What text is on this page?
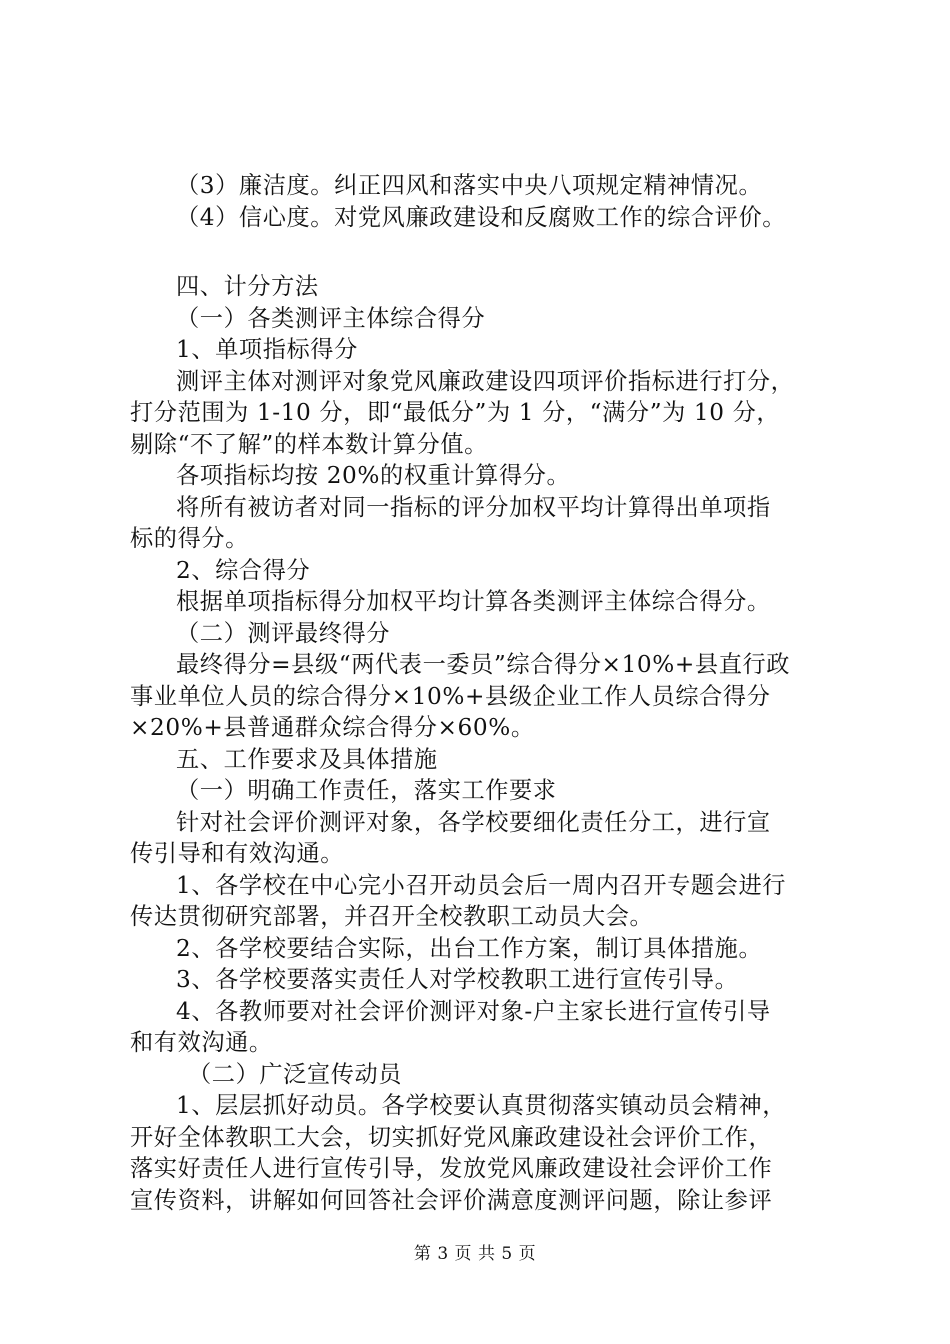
（3）廉洁度。纠正四风和落实中央八项规定精神情况。
（4）信心度。对党风廉政建设和反腐败工作的综合评价。
四、计分方法
（一）各类测评主体综合得分
1、单项指标得分
测评主体对测评对象党风廉政建设四项评价指标进行打分，
打分范围为 1-10 分，即“最低分”为 1 分，“满分”为 10 分，
剔除“不了解”的样本数计算分值。
各项指标均按 20%的权重计算得分。
将所有被访者对同一指标的评分加权平均计算得出单项指
标的得分。
2、综合得分
根据单项指标得分加权平均计算各类测评主体综合得分。
（二）测评最终得分
最终得分=县级“两代表一委员”综合得分×10%+县直行政
事业单位人员的综合得分×10%+县级企业工作人员综合得分
×20%+县普通群众综合得分×60%。
五、工作要求及具体措施
（一）明确工作责任，落实工作要求
针对社会评价测评对象，各学校要细化责任分工，进行宣
传引导和有效沟通。
1、各学校在中心完小召开动员会后一周内召开专题会进行
传达贯彻研究部署，并召开全校教职工动员大会。
2、各学校要结合实际，出台工作方案，制订具体措施。
3、各学校要落实责任人对学校教职工进行宣传引导。
4、各教师要对社会评价测评对象-户主家长进行宣传引导
和有效沟通。
（二）广泛宣传动员
1、层层抓好动员。各学校要认真贯彻落实镇动员会精神，
开好全体教职工大会，切实抓好党风廉政建设社会评价工作，
落实好责任人进行宣传引导，发放党风廉政建设社会评价工作
宣传资料，讲解如何回答社会评价满意度测评问题，除让参评
第 3 页 共 5 页
